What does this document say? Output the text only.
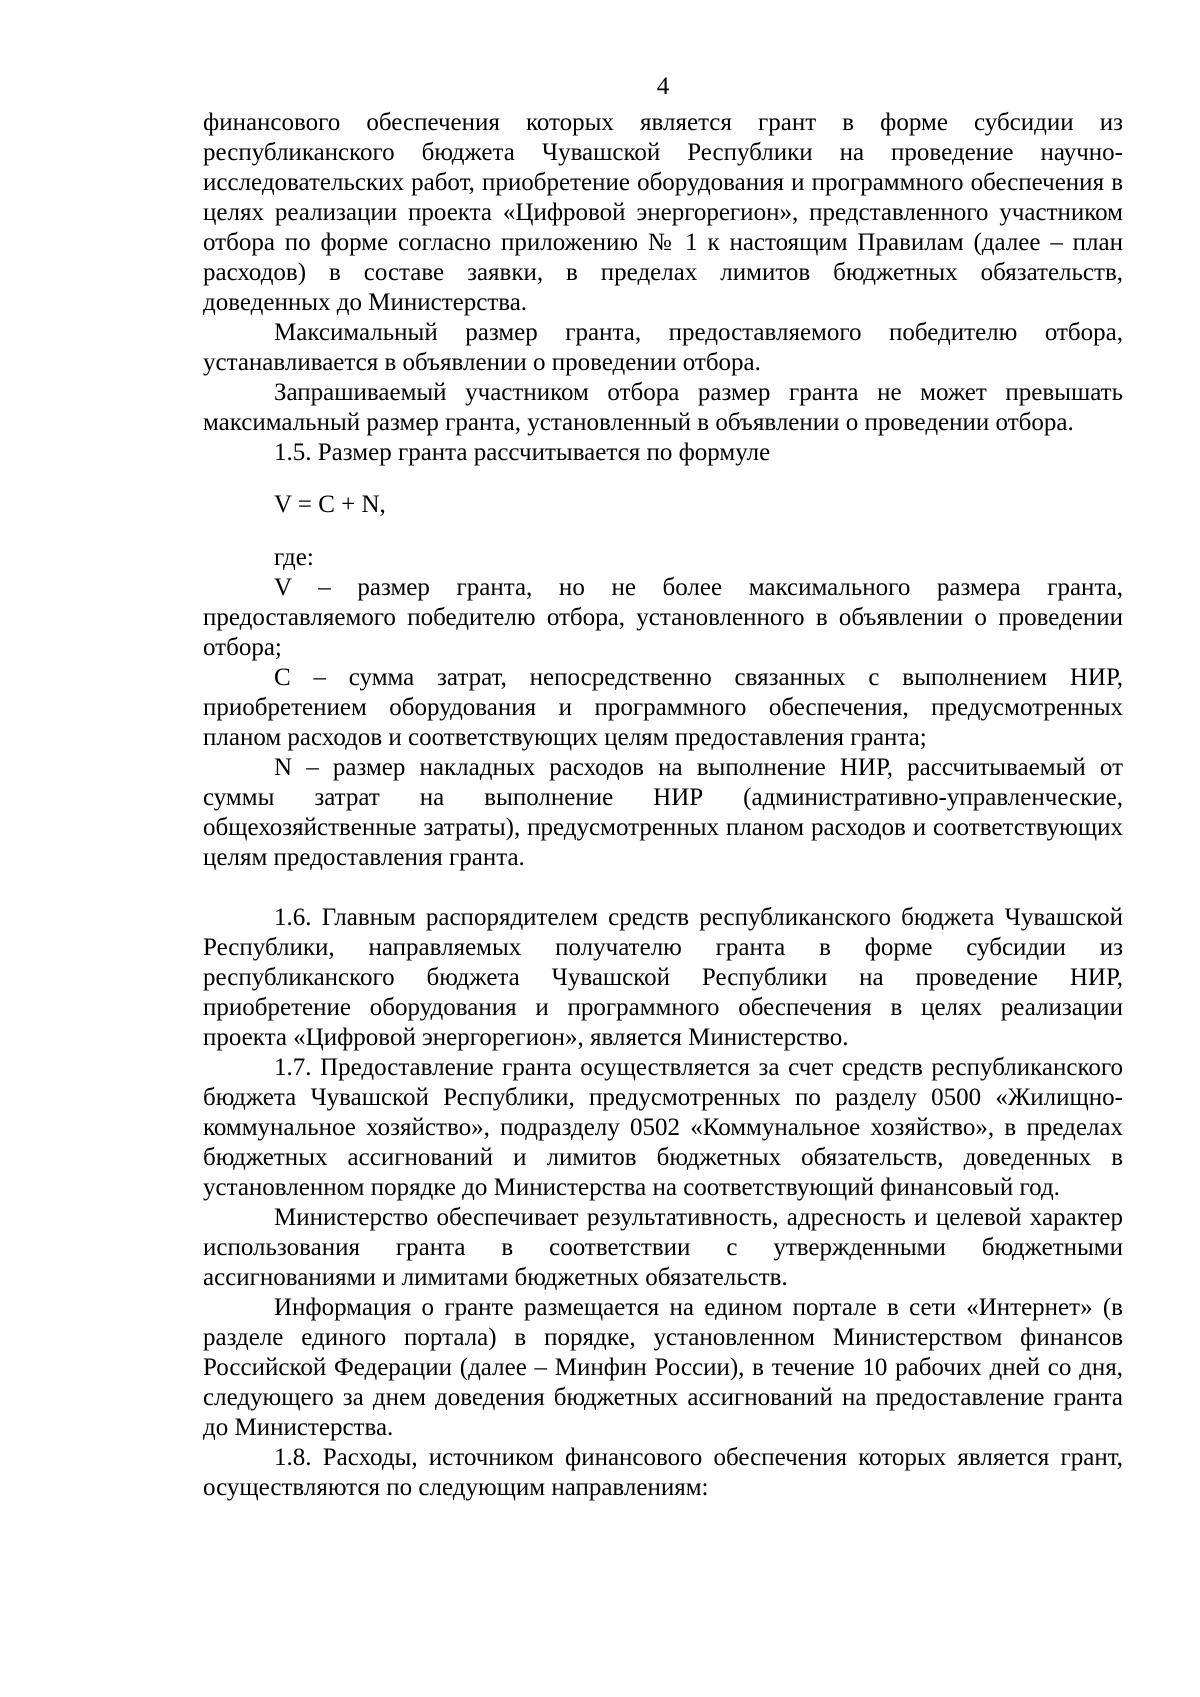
4

финансового обеспечения которых является грант в форме субсидии из республиканского бюджета Чувашской Республики на проведение научно-исследовательских работ, приобретение оборудования и программного обеспечения в целях реализации проекта «Цифровой энергорегион», представленного участником отбора по форме согласно приложению № 1 к настоящим Правилам (далее – план расходов) в составе заявки, в пределах лимитов бюджетных обязательств, доведенных до Министерства.

Максимальный размер гранта, предоставляемого победителю отбора, устанавливается в объявлении о проведении отбора.

Запрашиваемый участником отбора размер гранта не может превышать максимальный размер гранта, установленный в объявлении о проведении отбора.

1.5. Размер гранта рассчитывается по формуле

V = C + N,

где:

V – размер гранта, но не более максимального размера гранта, предоставляемого победителю отбора, установленного в объявлении о проведении отбора;

C – сумма затрат, непосредственно связанных с выполнением НИР, приобретением оборудования и программного обеспечения, предусмотренных планом расходов и соответствующих целям предоставления гранта;

N – размер накладных расходов на выполнение НИР, рассчитываемый от суммы затрат на выполнение НИР (административно-управленческие, общехозяйственные затраты), предусмотренных планом расходов и соответствующих целям предоставления гранта.

1.6. Главным распорядителем средств республиканского бюджета Чувашской Республики, направляемых получателю гранта в форме субсидии из республиканского бюджета Чувашской Республики на проведение НИР, приобретение оборудования и программного обеспечения в целях реализации проекта «Цифровой энергорегион», является Министерство.

1.7. Предоставление гранта осуществляется за счет средств республиканского бюджета Чувашской Республики, предусмотренных по разделу 0500 «Жилищно-коммунальное хозяйство», подразделу 0502 «Коммунальное хозяйство», в пределах бюджетных ассигнований и лимитов бюджетных обязательств, доведенных в установленном порядке до Министерства на соответствующий финансовый год.

Министерство обеспечивает результативность, адресность и целевой характер использования гранта в соответствии с утвержденными бюджетными ассигнованиями и лимитами бюджетных обязательств.

Информация о гранте размещается на едином портале в сети «Интернет» (в разделе единого портала) в порядке, установленном Министерством финансов Российской Федерации (далее – Минфин России), в течение 10 рабочих дней со дня, следующего за днем доведения бюджетных ассигнований на предоставление гранта до Министерства.

1.8. Расходы, источником финансового обеспечения которых является грант, осуществляются по следующим направлениям:
